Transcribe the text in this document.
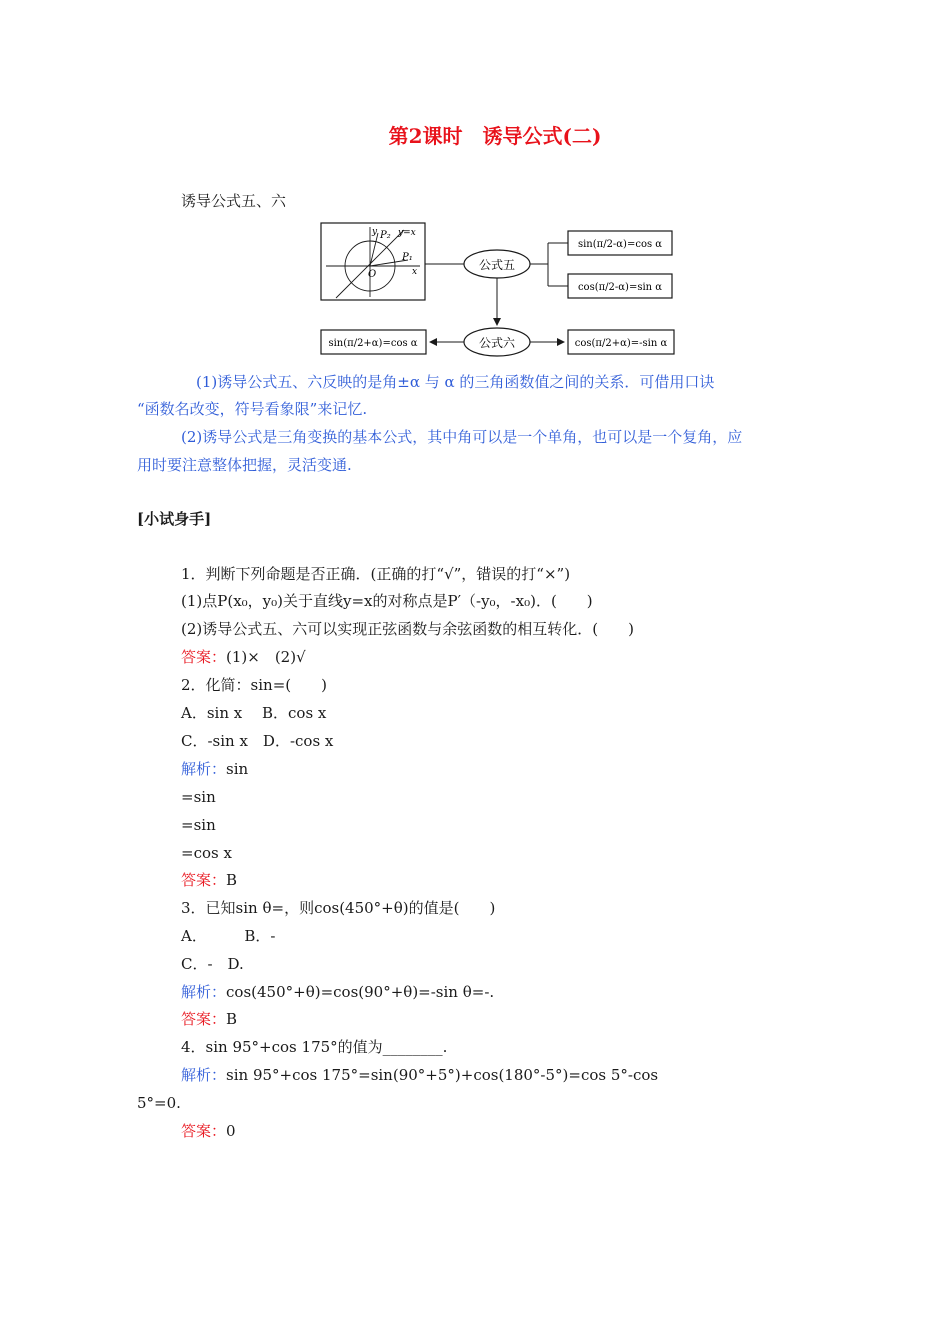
第2课时　诱导公式(二)
诱导公式五、六
y
x
y=x
P₂
P₁
O
公式五
公式六
sin(π/2-α)=cos α
cos(π/2-α)=sin α
sin(π/2+α)=cos α	cos(π/2+α)=-sin α
(1)诱导公式五、六反映的是角±α 与 α 的三角函数值之间的关系．可借用口诀
“函数名改变，符号看象限”来记忆.
(2)诱导公式是三角变换的基本公式，其中角可以是一个单角，也可以是一个复角，应
用时要注意整体把握，灵活变通.
[小试身手]
1．判断下列命题是否正确．(正确的打“√”，错误的打“×”)
(1)点P(x₀，y₀)关于直线y=x的对称点是P′（-y₀，-x₀)．(　　)
(2)诱导公式五、六可以实现正弦函数与余弦函数的相互转化．(　　)
答案：(1)×　(2)√
2．化简：sin=(　　)
A．sin x　 B．cos x
C．-sin x　D．-cos x
解析：sin
=sin
=sin
=cos x
答案：B
3．已知sin θ=，则cos(450°+θ)的值是(　　)
A．　　　B．-
C．-　D.
解析：cos(450°+θ)=cos(90°+θ)=-sin θ=-.
答案：B
4．sin 95°+cos 175°的值为________.
解析：sin 95°+cos 175°=sin(90°+5°)+cos(180°-5°)=cos 5°-cos
5°=0.
答案：0
